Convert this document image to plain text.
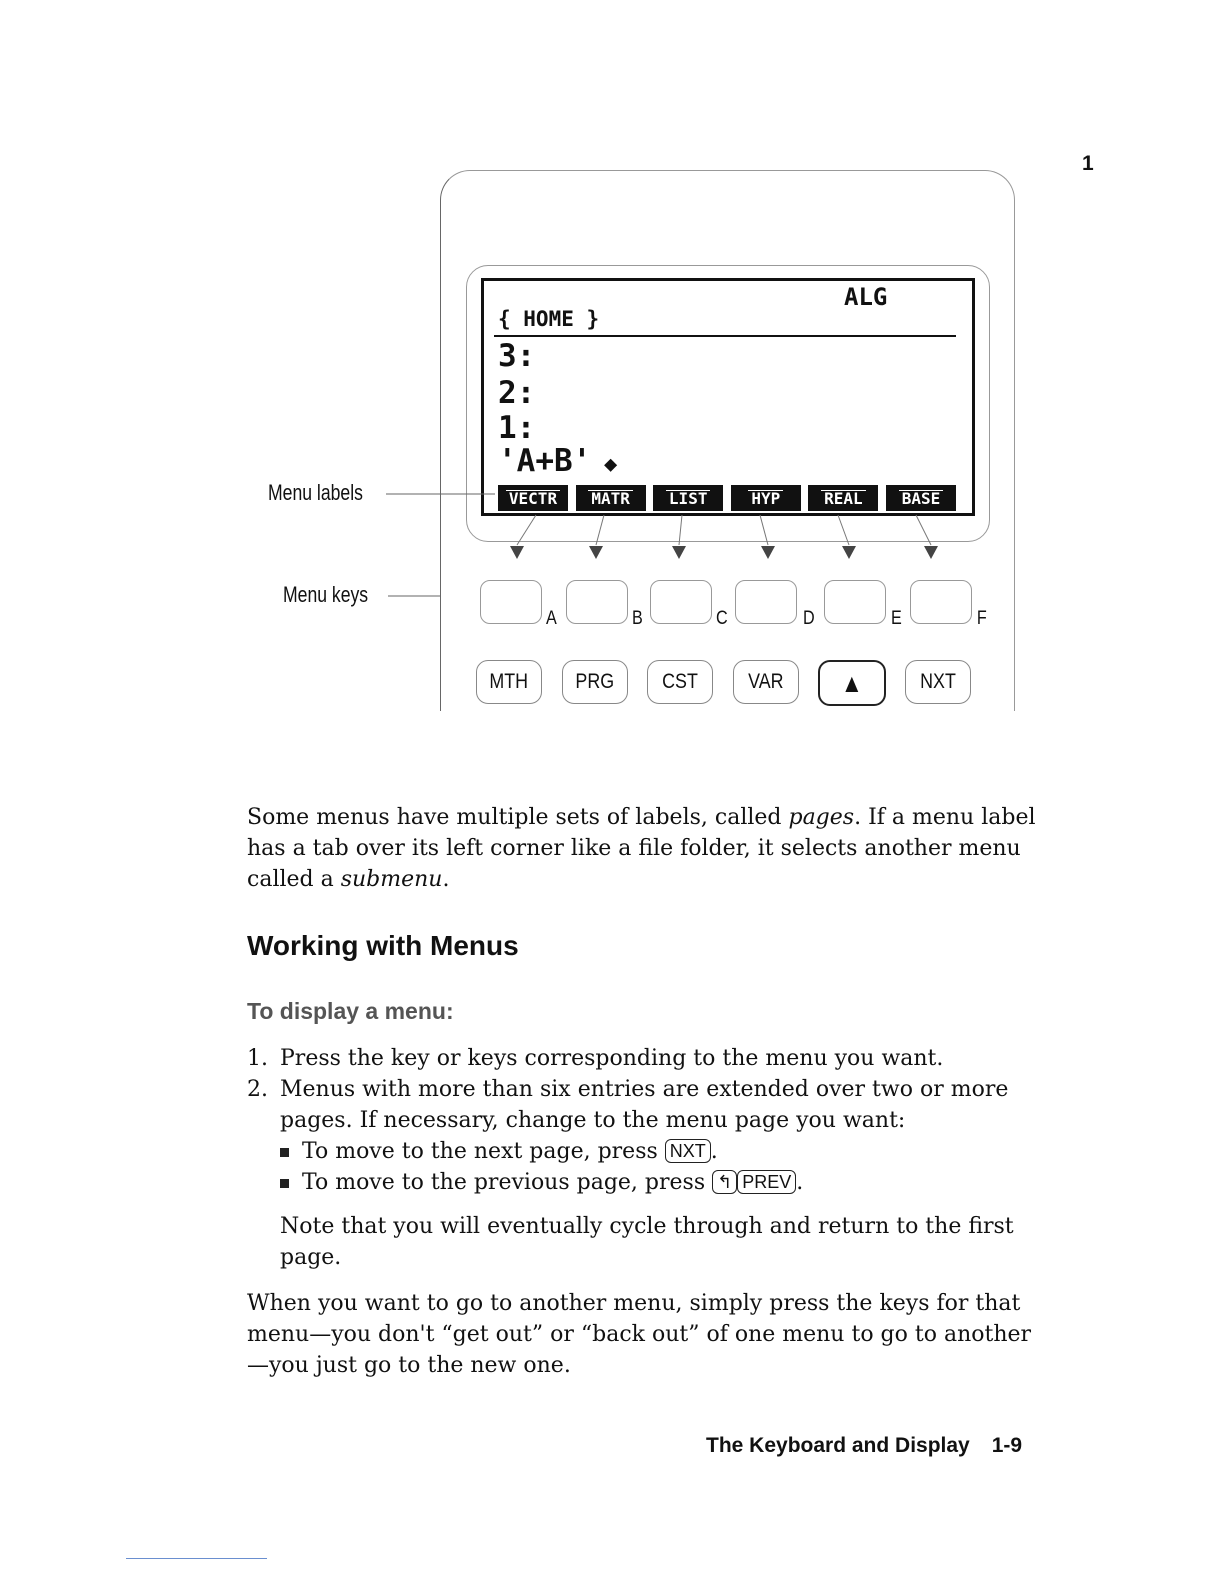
1
ALG
{ HOME }
3:
2:
1:
'A+B' ◆
VECTR MATR LIST	HYP	REAL BASE
Menu labels
Menu keys
A	B	C	D	E	F
MTH PRG CST VAR ▲	NXT
Some menus have multiple sets of labels, called pages. If a menu label has a tab over its left corner like a file folder, it selects another menu called a submenu.
Working with Menus
To display a menu:
1. Press the key or keys corresponding to the menu you want.
2. Menus with more than six entries are extended over two or more pages. If necessary, change to the menu page you want:
To move to the next page, press NXT .
To move to the previous page, press ↰ PREV .
Note that you will eventually cycle through and return to the first page.
When you want to go to another menu, simply press the keys for that menu—you don't “get out” or “back out” of one menu to go to another—you just go to the new one.
The Keyboard and Display 1-9
